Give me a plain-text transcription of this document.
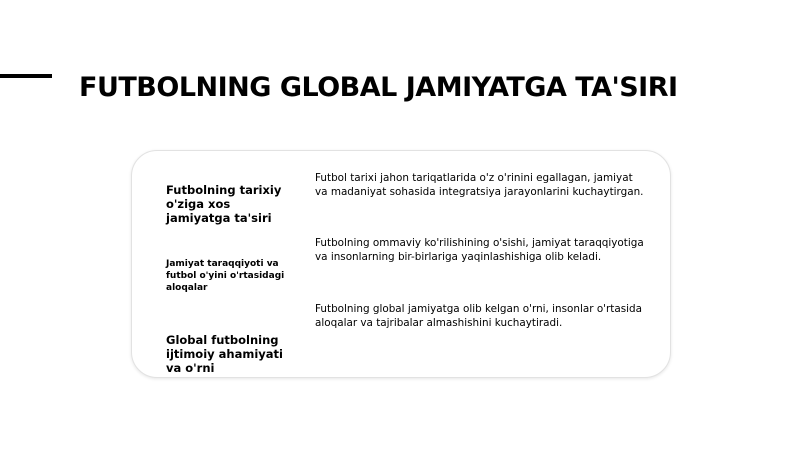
FUTBOLNING GLOBAL JAMIYATGA TA'SIRI

Futbolning tarixiy o'ziga xos jamiyatga ta'siri

Futbol tarixi jahon tariqatlarida o'z o'rinini egallagan, jamiyat va madaniyat sohasida integratsiya jarayonlarini kuchaytirgan.

Jamiyat taraqqiyoti va futbol o'yini o'rtasidagi aloqalar

Futbolning ommaviy ko'rilishining o'sishi, jamiyat taraqqiyotiga va insonlarning bir-birlariga yaqinlashishiga olib keladi.

Global futbolning ijtimoiy ahamiyati va o'rni

Futbolning global jamiyatga olib kelgan o'rni, insonlar o'rtasida aloqalar va tajribalar almashishini kuchaytiradi.
